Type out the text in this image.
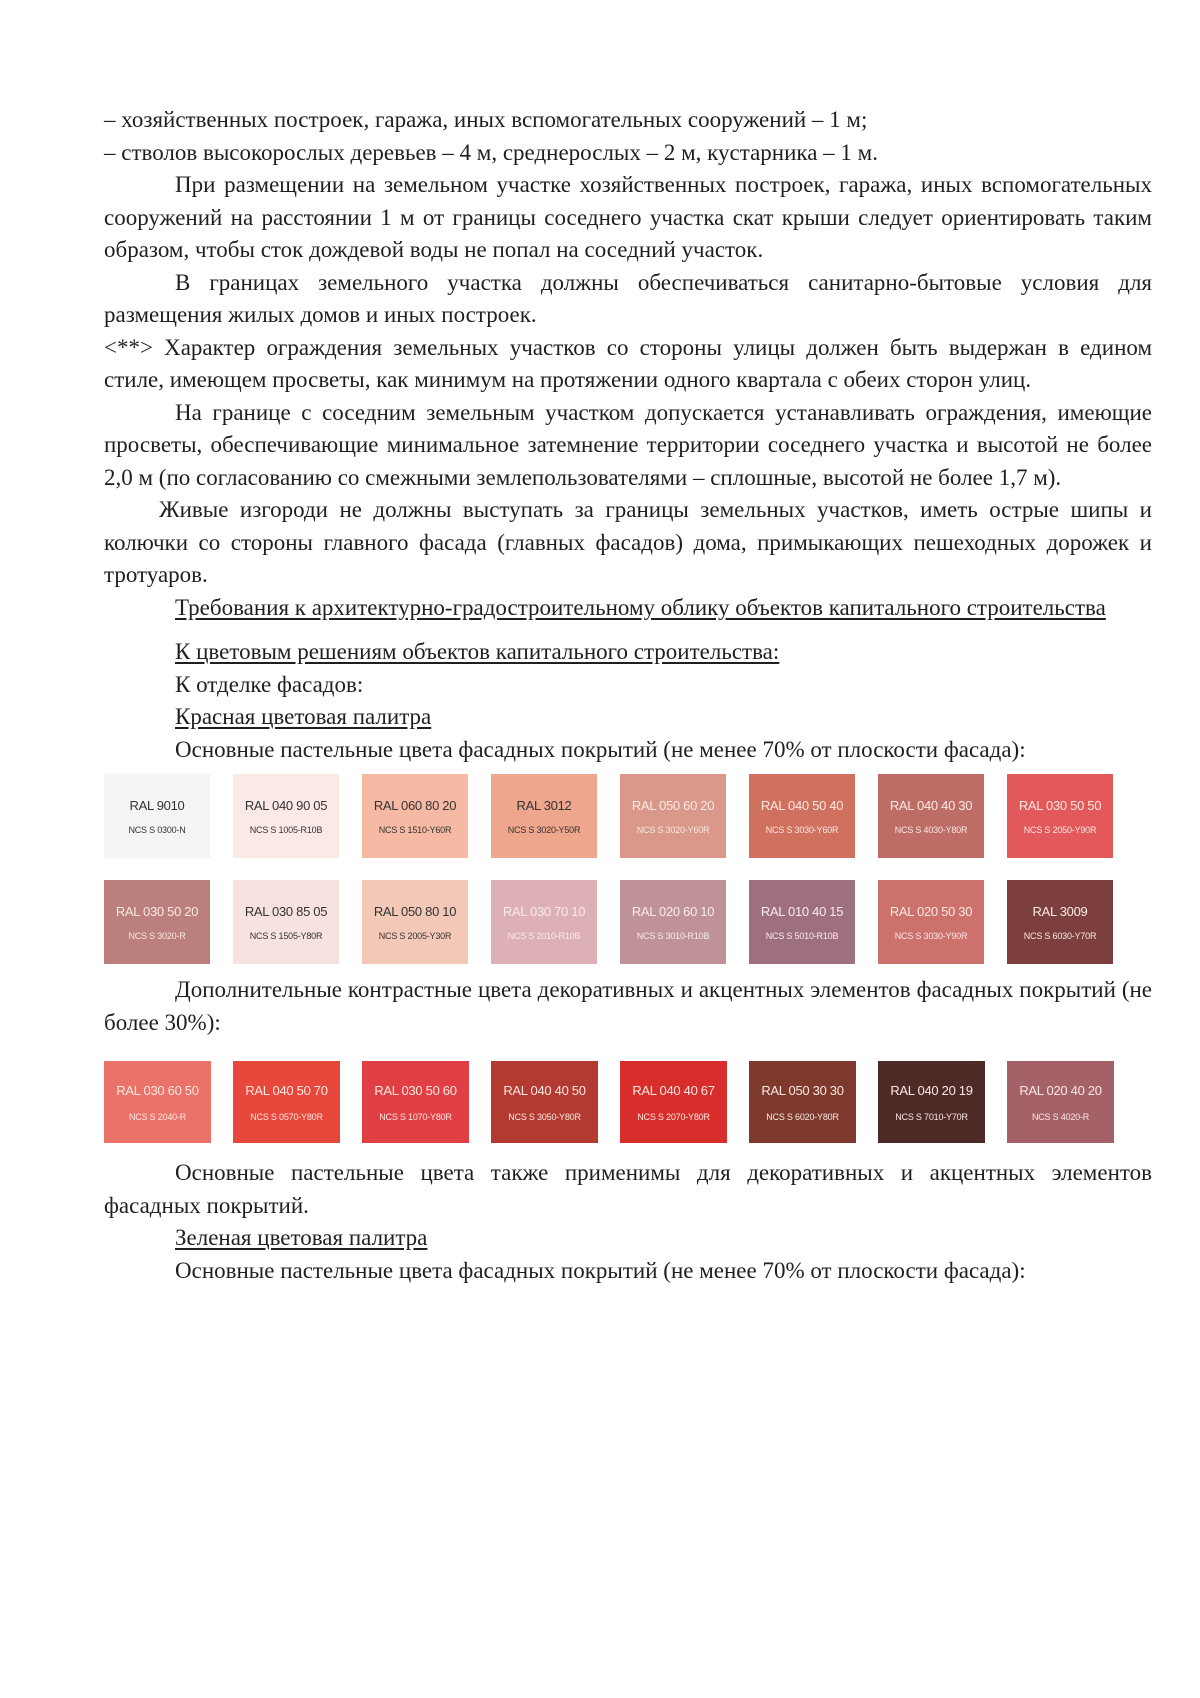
– хозяйственных построек, гаража, иных вспомогательных сооружений – 1 м;

– стволов высокорослых деревьев – 4 м, среднерослых – 2 м, кустарника – 1 м.

При размещении на земельном участке хозяйственных построек, гаража, иных вспомогательных сооружений на расстоянии 1 м от границы соседнего участка скат крыши следует ориентировать таким образом, чтобы сток дождевой воды не попал на соседний участок.

В границах земельного участка должны обеспечиваться санитарно-бытовые условия для размещения жилых домов и иных построек.

<**> Характер ограждения земельных участков со стороны улицы должен быть выдержан в едином стиле, имеющем просветы, как минимум на протяжении одного квартала с обеих сторон улиц.

На границе с соседним земельным участком допускается устанавливать ограждения, имеющие просветы, обеспечивающие минимальное затемнение территории соседнего участка и высотой не более 2,0 м (по согласованию со смежными землепользователями – сплошные, высотой не более 1,7 м).

Живые изгороди не должны выступать за границы земельных участков, иметь острые шипы и колючки со стороны главного фасада (главных фасадов) дома, примыкающих пешеходных дорожек и тротуаров.

Требования к архитектурно-градостроительному облику объектов капитального строительства

К цветовым решениям объектов капитального строительства:

К отделке фасадов:

Красная цветовая палитра

Основные пастельные цвета фасадных покрытий (не менее 70% от плоскости фасада):

RAL 9010
NCS S 0300-N
RAL 040 90 05
NCS S 1005-R10B
RAL 060 80 20
NCS S 1510-Y60R
RAL 3012
NCS S 3020-Y50R
RAL 050 60 20
NCS S 3020-Y60R
RAL 040 50 40
NCS S 3030-Y60R
RAL 040 40 30
NCS S 4030-Y80R
RAL 030 50 50
NCS S 2050-Y90R
RAL 030 50 20
NCS S 3020-R
RAL 030 85 05
NCS S 1505-Y80R
RAL 050 80 10
NCS S 2005-Y30R
RAL 030 70 10
NCS S 2010-R10B
RAL 020 60 10
NCS S 3010-R10B
RAL 010 40 15
NCS S 5010-R10B
RAL 020 50 30
NCS S 3030-Y90R
RAL 3009
NCS S 6030-Y70R

Дополнительные контрастные цвета декоративных и акцентных элементов фасадных покрытий (не более 30%):

RAL 030 60 50
NCS S 2040-R
RAL 040 50 70
NCS S 0570-Y80R
RAL 030 50 60
NCS S 1070-Y80R
RAL 040 40 50
NCS S 3050-Y80R
RAL 040 40 67
NCS S 2070-Y80R
RAL 050 30 30
NCS S 6020-Y80R
RAL 040 20 19
NCS S 7010-Y70R
RAL 020 40 20
NCS S 4020-R

Основные пастельные цвета также применимы для декоративных и акцентных элементов фасадных покрытий.

Зеленая цветовая палитра

Основные пастельные цвета фасадных покрытий (не менее 70% от плоскости фасада):
